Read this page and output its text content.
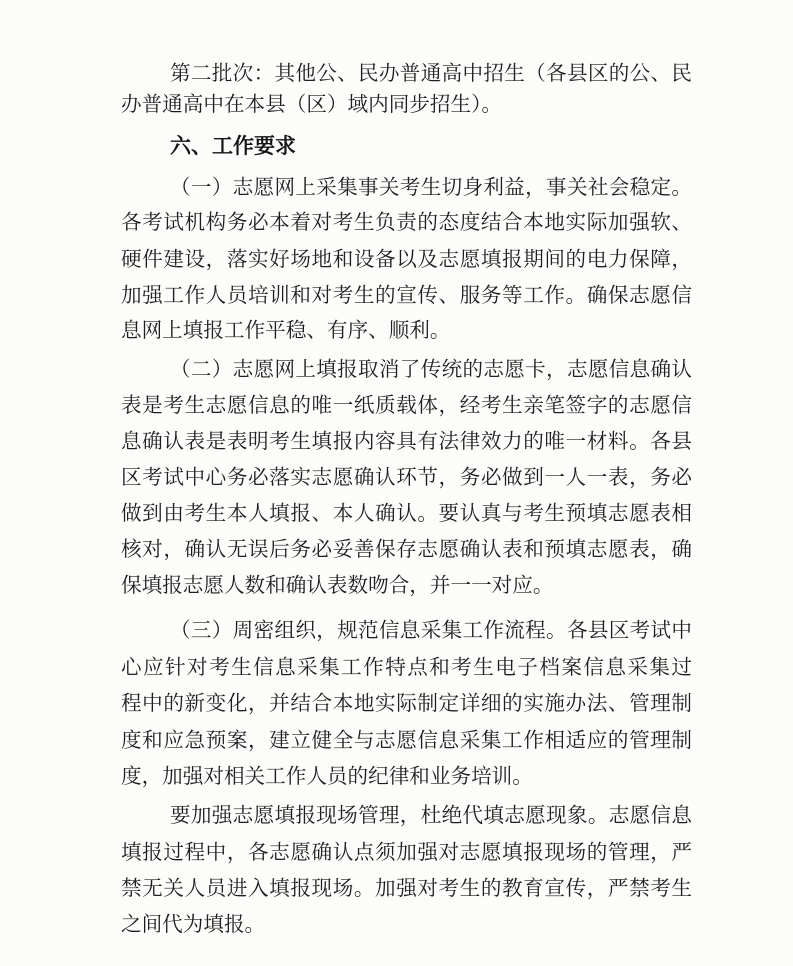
第二批次：其他公、民办普通高中招生（各县区的公、民
办普通高中在本县（区）域内同步招生）。
六、工作要求
（一）志愿网上采集事关考生切身利益，事关社会稳定。
各考试机构务必本着对考生负责的态度结合本地实际加强软、
硬件建设，落实好场地和设备以及志愿填报期间的电力保障，
加强工作人员培训和对考生的宣传、服务等工作。确保志愿信
息网上填报工作平稳、有序、顺利。
（二）志愿网上填报取消了传统的志愿卡，志愿信息确认
表是考生志愿信息的唯一纸质载体，经考生亲笔签字的志愿信
息确认表是表明考生填报内容具有法律效力的唯一材料。各县
区考试中心务必落实志愿确认环节，务必做到一人一表，务必
做到由考生本人填报、本人确认。要认真与考生预填志愿表相
核对，确认无误后务必妥善保存志愿确认表和预填志愿表，确
保填报志愿人数和确认表数吻合，并一一对应。
（三）周密组织，规范信息采集工作流程。各县区考试中
心应针对考生信息采集工作特点和考生电子档案信息采集过
程中的新变化，并结合本地实际制定详细的实施办法、管理制
度和应急预案，建立健全与志愿信息采集工作相适应的管理制
度，加强对相关工作人员的纪律和业务培训。
要加强志愿填报现场管理，杜绝代填志愿现象。志愿信息
填报过程中，各志愿确认点须加强对志愿填报现场的管理，严
禁无关人员进入填报现场。加强对考生的教育宣传，严禁考生
之间代为填报。
